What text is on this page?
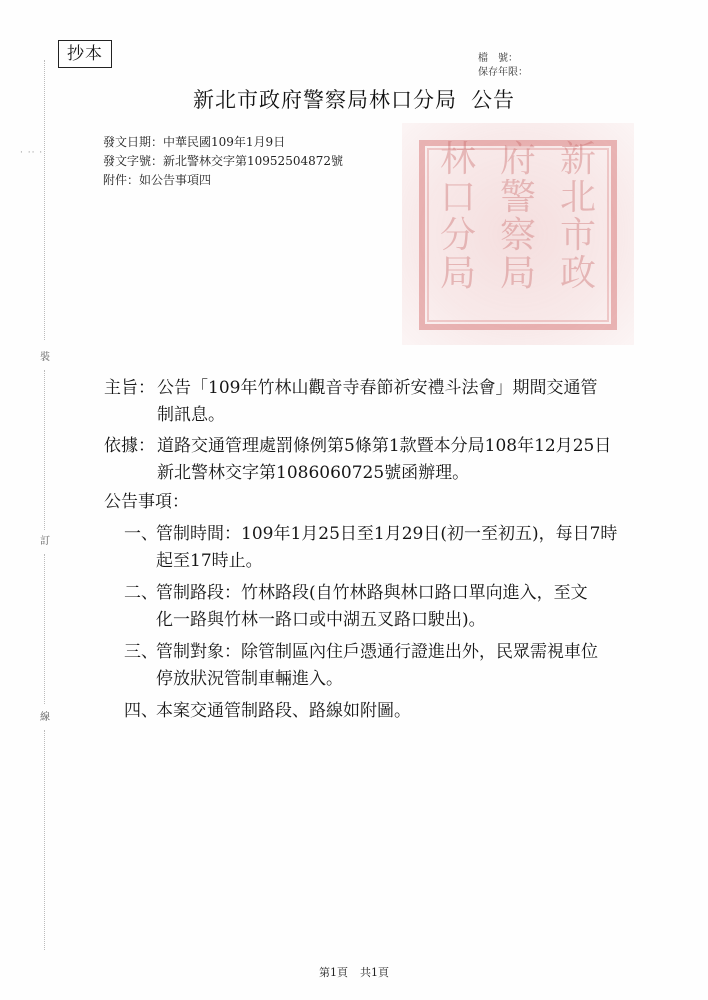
抄本	檔　號：
保存年限：
新北市政府警察局林口分局 公告
· ·· ·
發文日期：中華民國109年1月9日
發文字號：新北警林交字第10952504872號
附件：如公告事項四	新
北
市
政
府
警
察
局
林
口
分
局
裝
訂
線
主旨： 公告「109年竹林山觀音寺春節祈安禮斗法會」期間交通管
制訊息。
依據： 道路交通管理處罰條例第5條第1款暨本分局108年12月25日
新北警林交字第1086060725號函辦理。
公告事項：
一、
管制時間：109年1月25日至1月29日(初一至初五)，每日7時
起至17時止。
二、
管制路段：竹林路段(自竹林路與林口路口單向進入，至文
化一路與竹林一路口或中湖五叉路口駛出)。
三、
管制對象：除管制區內住戶憑通行證進出外，民眾需視車位
停放狀況管制車輛進入。
四、
本案交通管制路段、路線如附圖。
第1頁 共1頁
